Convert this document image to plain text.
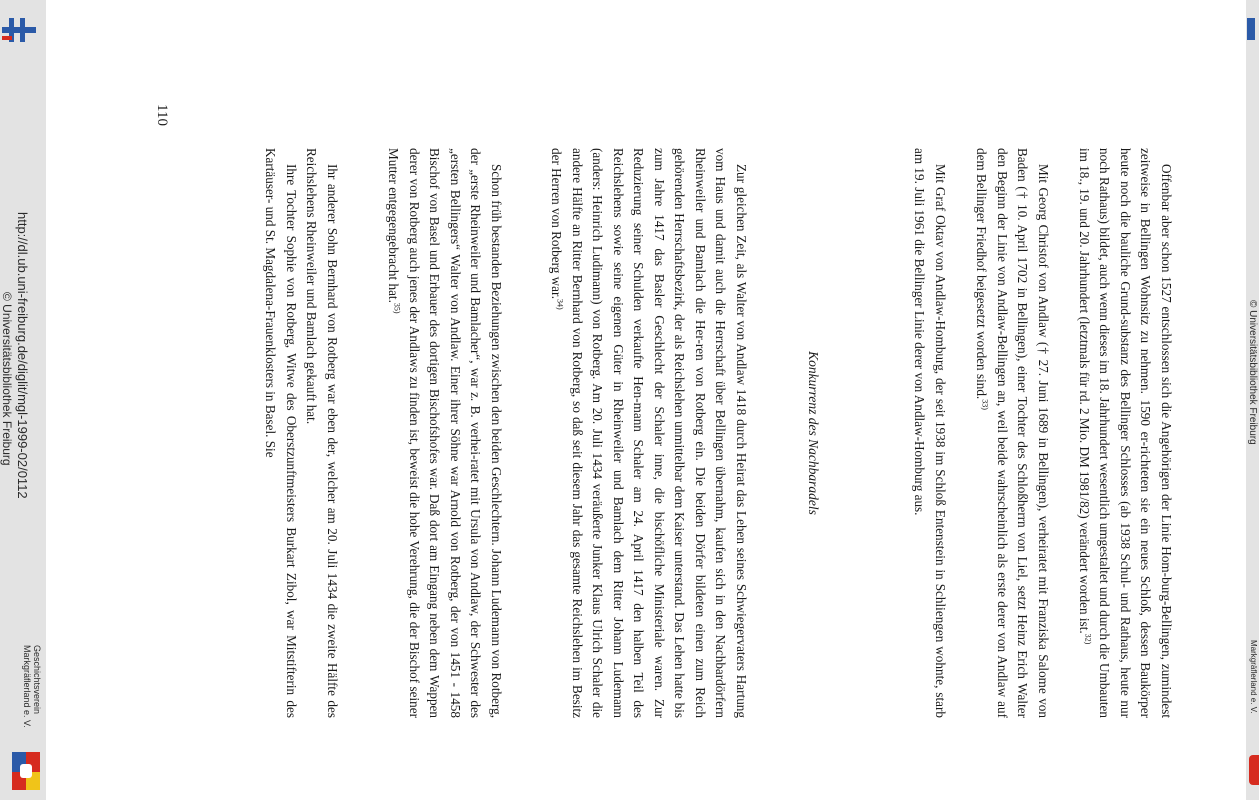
http://dl.ub.uni-freiburg.de/diglit/mgl-1999-02/0112
© Universitätsbibliothek Freiburg
Geschichtsverein
Markgräflerland e. V.	Offenbar aber schon 1527 entschlossen sich die Angehörigen der Linie Hom-burg-Bellingen, zumindest zeitweise in Bellingen Wohnsitz zu nehmen. 1590 er-richteten sie ein neues Schloß, dessen Baukörper heute noch die bauliche Grund-substanz des Bellinger Schlosses (ab 1938 Schul- und Rathaus, heute nur noch Rathaus) bildet, auch wenn dieses im 18. Jahrhundert wesentlich umgestaltet und durch die Umbauten im 18., 19. und 20. Jahrhundert (letztmals für rd. 2 Mio. DM 1981/82) verändert worden ist.$^{32)}$

Mit Georg Christof von Andlaw († 27. Juni 1689 in Bellingen), verheiratet mit Franziska Salome von Baden († 10. April 1702 in Bellingen), einer Tochter des Schloßherrn von Liel, setzt Heinz Erich Walter den Beginn der Linie von Andlaw-Bellingen an, weil beide wahrscheinlich als erste derer von Andlaw auf dem Bellinger Friedhof beigesetzt worden sind.$^{33)}$

Mit Graf Oktav von Andlaw-Homburg, der seit 1938 im Schloß Entenstein in Schliengen wohnte, starb am 19. Juli 1961 die Bellinger Linie derer von Andlaw-Homburg aus.

Konkurrenz des Nachbaradels

Zur gleichen Zeit, als Walter von Andlaw 1418 durch Heirat das Lehen seines Schwiegervaters Hartung vom Haus und damit auch die Herrschaft über Bellingen übernahm, kaufen sich in den Nachbardörfern Rheinweiler und Bamlach die Her-ren von Rotberg ein. Die beiden Dörfer bildeten einen zum Reich gehörenden Herrschaftsbezirk, der als Reichslehen unmittelbar dem Kaiser unterstand. Das Lehen hatte bis zum Jahre 1417 das Basler Geschlecht der Schaler inne, die bischöfliche Ministeriale waren. Zur Reduzierung seiner Schulden verkaufte Hen-mann Schaler am 24. April 1417 den halben Teil des Reichslehens sowie seine eigenen Güter in Rheinweiler und Bamlach dem Ritter Johann Ludemann (anders: Heinrich Ludimann) von Rotberg. Am 20. Juli 1434 veräußerte Junker Klaus Ulrich Schaler die andere Hälfte an Ritter Bernhard von Rotberg, so daß seit diesem Jahr das gesamte Reichslehen im Besitz der Herren von Rotberg war.$^{34)}$

Schon früh bestanden Beziehungen zwischen den beiden Geschlechtern. Johann Ludemann von Rotberg, der „erste Rheinweiler und Bamlacher“, war z. B. verhei-ratet mit Ursula von Andlaw, der Schwester des „ersten Bellingers“ Walter von Andlaw. Einer ihrer Söhne war Arnold von Rotberg, der von 1451 - 1458 Bischof von Basel und Erbauer des dortigen Bischofshofes war. Daß dort am Eingang neben dem Wappen derer von Rotberg auch jenes der Andlaws zu finden ist, beweist die hohe Verehrung, die der Bischof seiner Mutter entgegengebracht hat.$^{35)}$

Ihr anderer Sohn Bernhard von Rotberg war eben der, welcher am 20. Juli 1434 die zweite Hälfte des Reichslehens Rheinweiler und Bamlach gekauft hat.

Ihre Tochter Sophie von Rotberg, Witwe des Oberstzunftmeisters Burkart Zibol, war Mitstifterin des Kartäuser- und St. Magdalena-Frauenklosters in Basel. Sie

110
© Universitätsbibliothek Freiburg
Markgräflerland e. V.
